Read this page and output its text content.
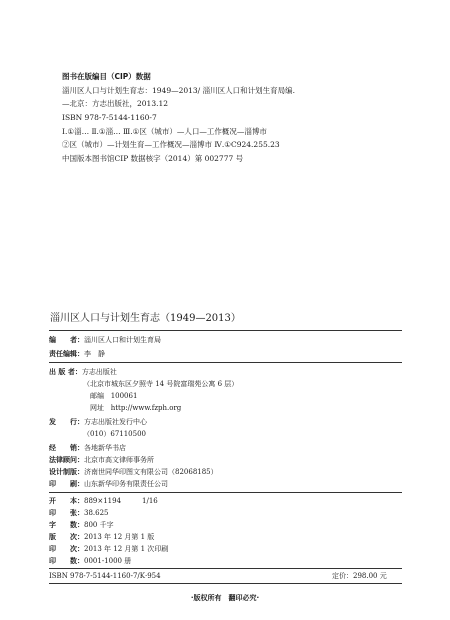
图书在版编目（CIP）数据
淄川区人口与计划生育志：1949—2013/ 淄川区人口和计划生育局编.
—北京：方志出版社，2013.12
ISBN 978-7-5144-1160-7
Ⅰ.①淄… Ⅱ.①淄… Ⅲ.①区（城市）—人口—工作概况—淄博市
②区（城市）—计划生育—工作概况—淄博市 Ⅳ.①C924.255.23
中国版本图书馆CIP 数据核字（2014）第 002777 号
淄川区人口与计划生育志（1949—2013）
编　　者：淄川区人口和计划生育局
责任编辑：李　静
出 版 者：方志出版社
（北京市城东区夕照寺 14 号院富瑞苑公寓 6 层）
邮编 100061
网址 http://www.fzph.org
发　　行：方志出版社发行中心
（010）67110500
经　　销：各地新华书店
法律顾问：北京市高文律师事务所
设计制版：济南世同华印图文有限公司（82068185）
印　　刷：山东新华印务有限责任公司
开　　本：889×1194　　　1/16
印　　张：38.625
字　　数：800 千字
版　　次：2013 年 12 月第 1 版
印　　次：2013 年 12 月第 1 次印刷
印　　数：0001-1000 册
ISBN 978-7-5144-1160-7/K·954	定价：298.00 元
·版权所有　翻印必究·
